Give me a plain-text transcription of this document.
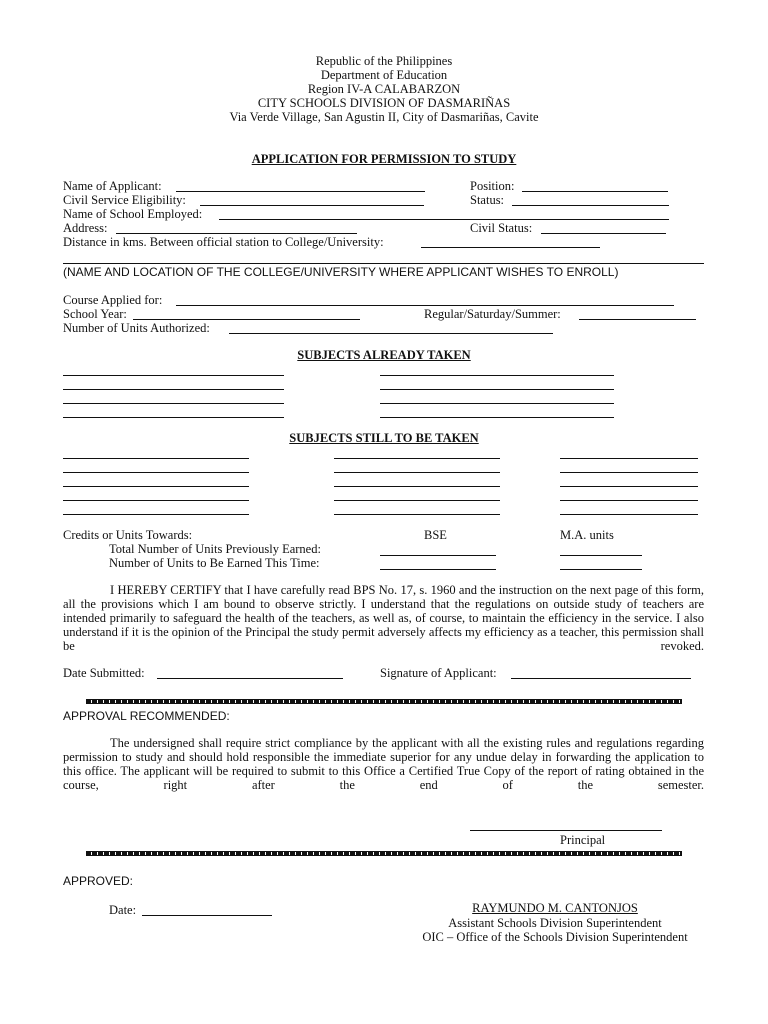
Republic of the Philippines
Department of Education
Region IV-A CALABARZON
CITY SCHOOLS DIVISION OF DASMARIÑAS
Via Verde Village, San Agustin II, City of Dasmariñas, Cavite
APPLICATION FOR PERMISSION TO STUDY
Name of Applicant:	Position:
Civil Service Eligibility:	Status:
Name of School Employed:
Address:	Civil Status:
Distance in kms. Between official station to College/University:
(NAME AND LOCATION OF THE COLLEGE/UNIVERSITY WHERE APPLICANT WISHES TO ENROLL)
Course Applied for:
School Year:	Regular/Saturday/Summer:
Number of Units Authorized:
SUBJECTS ALREADY TAKEN
SUBJECTS STILL TO BE TAKEN
Credits or Units Towards:	BSE	M.A. units
Total Number of Units Previously Earned:
Number of Units to Be Earned This Time:
I HEREBY CERTIFY that I have carefully read BPS No. 17, s. 1960 and the instruction on the next page of this form, all the provisions which I am bound to observe strictly. I understand that the regulations on outside study of teachers are intended primarily to safeguard the health of the teachers, as well as, of course, to maintain the efficiency in the service. I also understand if it is the opinion of the Principal the study permit adversely affects my efficiency as a teacher, this permission shall be revoked.
Date Submitted:	Signature of Applicant:
APPROVAL RECOMMENDED:
The undersigned shall require strict compliance by the applicant with all the existing rules and regulations regarding permission to study and should hold responsible the immediate superior for any undue delay in forwarding the application to this office. The applicant will be required to submit to this Office a Certified True Copy of the report of rating obtained in the course, right after the end of the semester.
Principal
APPROVED:
Date:	RAYMUNDO M. CANTONJOS
Assistant Schools Division Superintendent
OIC – Office of the Schools Division Superintendent
